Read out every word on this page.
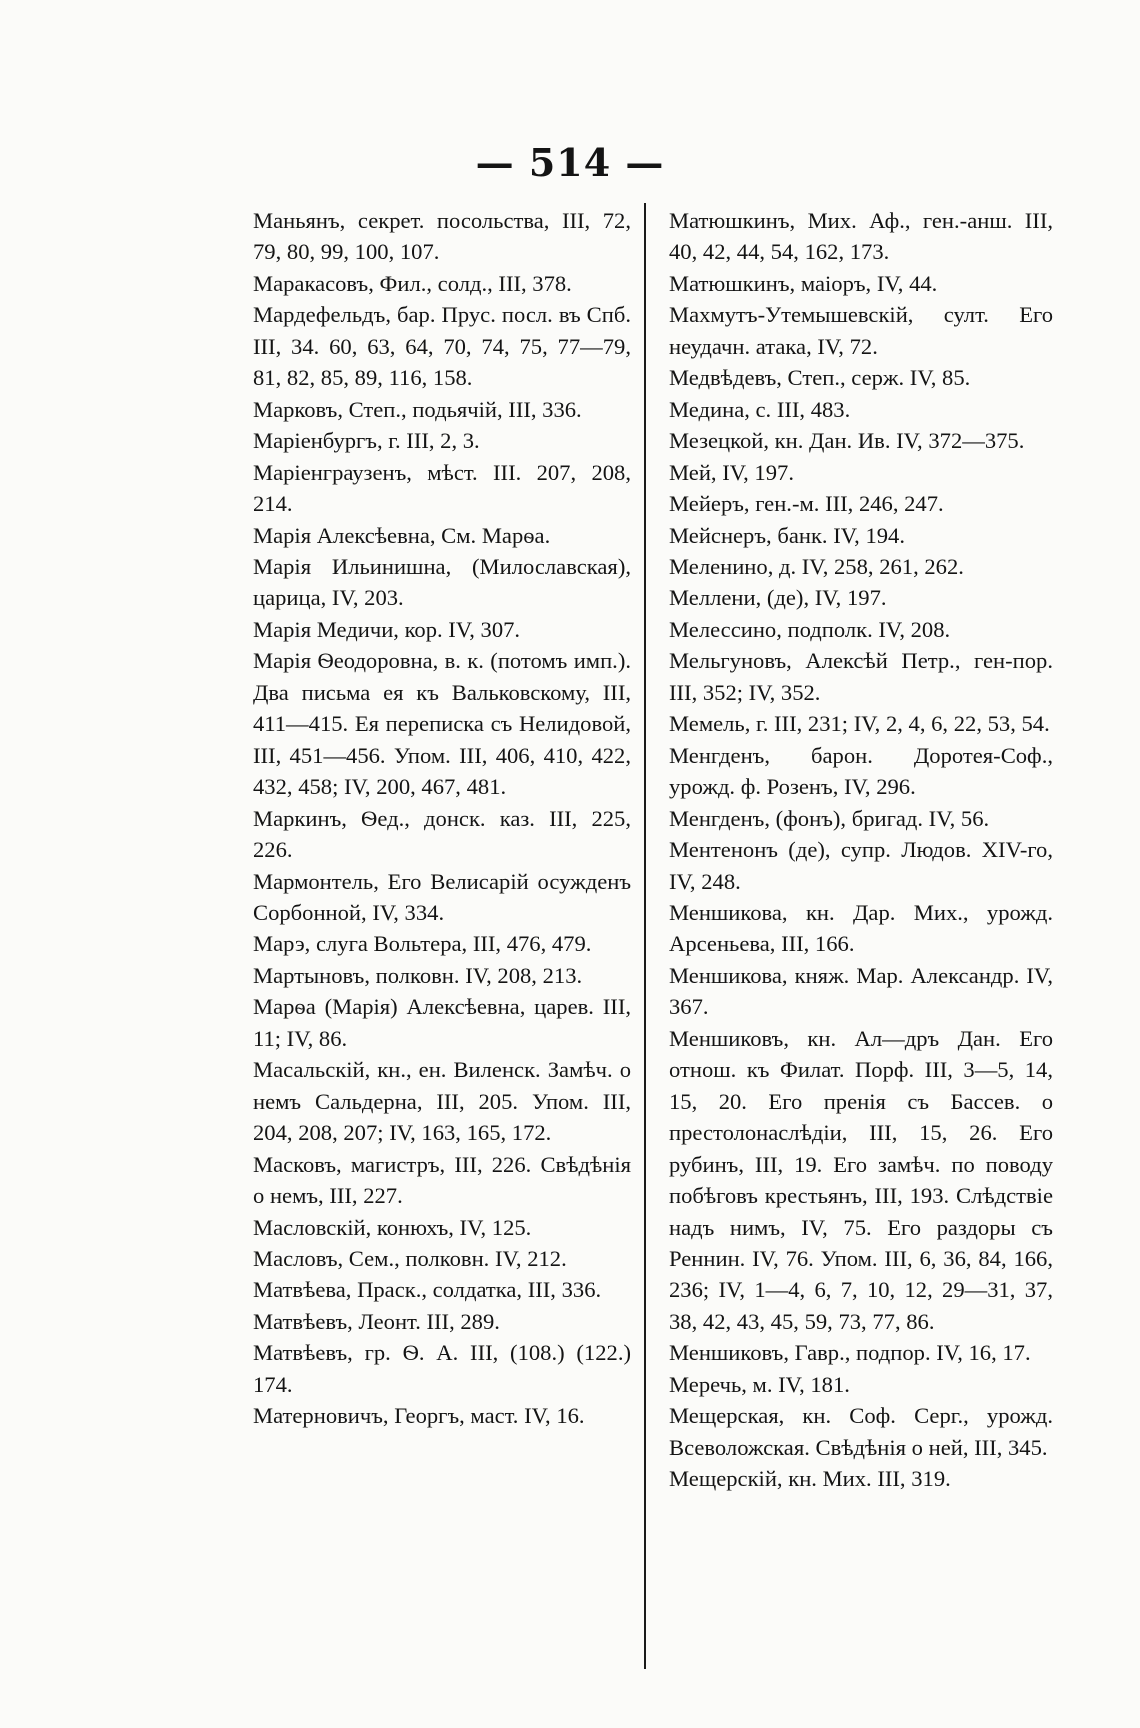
— 514 —

Маньянъ, секрет. посольства, III, 72, 79, 80, 99, 100, 107.

Маракасовъ, Фил., солд., III, 378.

Мардефельдъ, бар. Прус. посл. въ Спб. III, 34. 60, 63, 64, 70, 74, 75, 77—79, 81, 82, 85, 89, 116, 158.

Марковъ, Степ., подьячій, III, 336.

Маріенбургъ, г. III, 2, 3.

Маріенграузенъ, мѣст. III. 207, 208, 214.

Марія Алексѣевна, См. Марѳа.

Марія Ильинишна, (Милославская), царица, IV, 203.

Марія Медичи, кор. IV, 307.

Марія Ѳеодоровна, в. к. (потомъ имп.). Два письма ея къ Вальковскому, III, 411—415. Ея переписка съ Нелидовой, III, 451—456. Упом. III, 406, 410, 422, 432, 458; IV, 200, 467, 481.

Маркинъ, Ѳед., донск. каз. III, 225, 226.

Мармонтель, Его Велисарій осужденъ Сорбонной, IV, 334.

Марэ, слуга Вольтера, III, 476, 479.

Мартыновъ, полковн. IV, 208, 213.

Марѳа (Марія) Алексѣевна, царев. III, 11; IV, 86.

Масальскій, кн., ен. Виленск. Замѣч. о немъ Сальдерна, III, 205. Упом. III, 204, 208, 207; IV, 163, 165, 172.

Масковъ, магистръ, III, 226. Свѣдѣнія о немъ, III, 227.

Масловскій, конюхъ, IV, 125.

Масловъ, Сем., полковн. IV, 212.

Матвѣева, Праск., солдатка, III, 336.

Матвѣевъ, Леонт. III, 289.

Матвѣевъ, гр. Ѳ. А. III, (108.) (122.) 174.

Матерновичъ, Георгъ, маст. IV, 16.

Матюшкинъ, Мих. Аф., ген.-анш. III, 40, 42, 44, 54, 162, 173.

Матюшкинъ, маіоръ, IV, 44.

Махмутъ-Утемышевскій, султ. Его неудачн. атака, IV, 72.

Медвѣдевъ, Степ., серж. IV, 85.

Медина, с. III, 483.

Мезецкой, кн. Дан. Ив. IV, 372—375.

Мей, IV, 197.

Мейеръ, ген.-м. III, 246, 247.

Мейснеръ, банк. IV, 194.

Меленино, д. IV, 258, 261, 262.

Меллени, (де), IV, 197.

Мелессино, подполк. IV, 208.

Мельгуновъ, Алексѣй Петр., ген-пор. III, 352; IV, 352.

Мемель, г. III, 231; IV, 2, 4, 6, 22, 53, 54.

Менгденъ, барон. Доротея-Соф., урожд. ф. Розенъ, IV, 296.

Менгденъ, (фонъ), бригад. IV, 56.

Ментенонъ (де), супр. Людов. XIV-го, IV, 248.

Меншикова, кн. Дар. Мих., урожд. Арсеньева, III, 166.

Меншикова, княж. Мар. Александр. IV, 367.

Меншиковъ, кн. Ал—дръ Дан. Его отнош. къ Филат. Порф. III, 3—5, 14, 15, 20. Его пренія съ Бассев. о престолонаслѣдіи, III, 15, 26. Его рубинъ, III, 19. Его замѣч. по поводу побѣговъ крестьянъ, III, 193. Слѣдствіе надъ нимъ, IV, 75. Его раздоры съ Реннин. IV, 76. Упом. III, 6, 36, 84, 166, 236; IV, 1—4, 6, 7, 10, 12, 29—31, 37, 38, 42, 43, 45, 59, 73, 77, 86.

Меншиковъ, Гавр., подпор. IV, 16, 17.

Меречь, м. IV, 181.

Мещерская, кн. Соф. Серг., урожд. Всеволожская. Свѣдѣнія о ней, III, 345.

Мещерскій, кн. Мих. III, 319.
